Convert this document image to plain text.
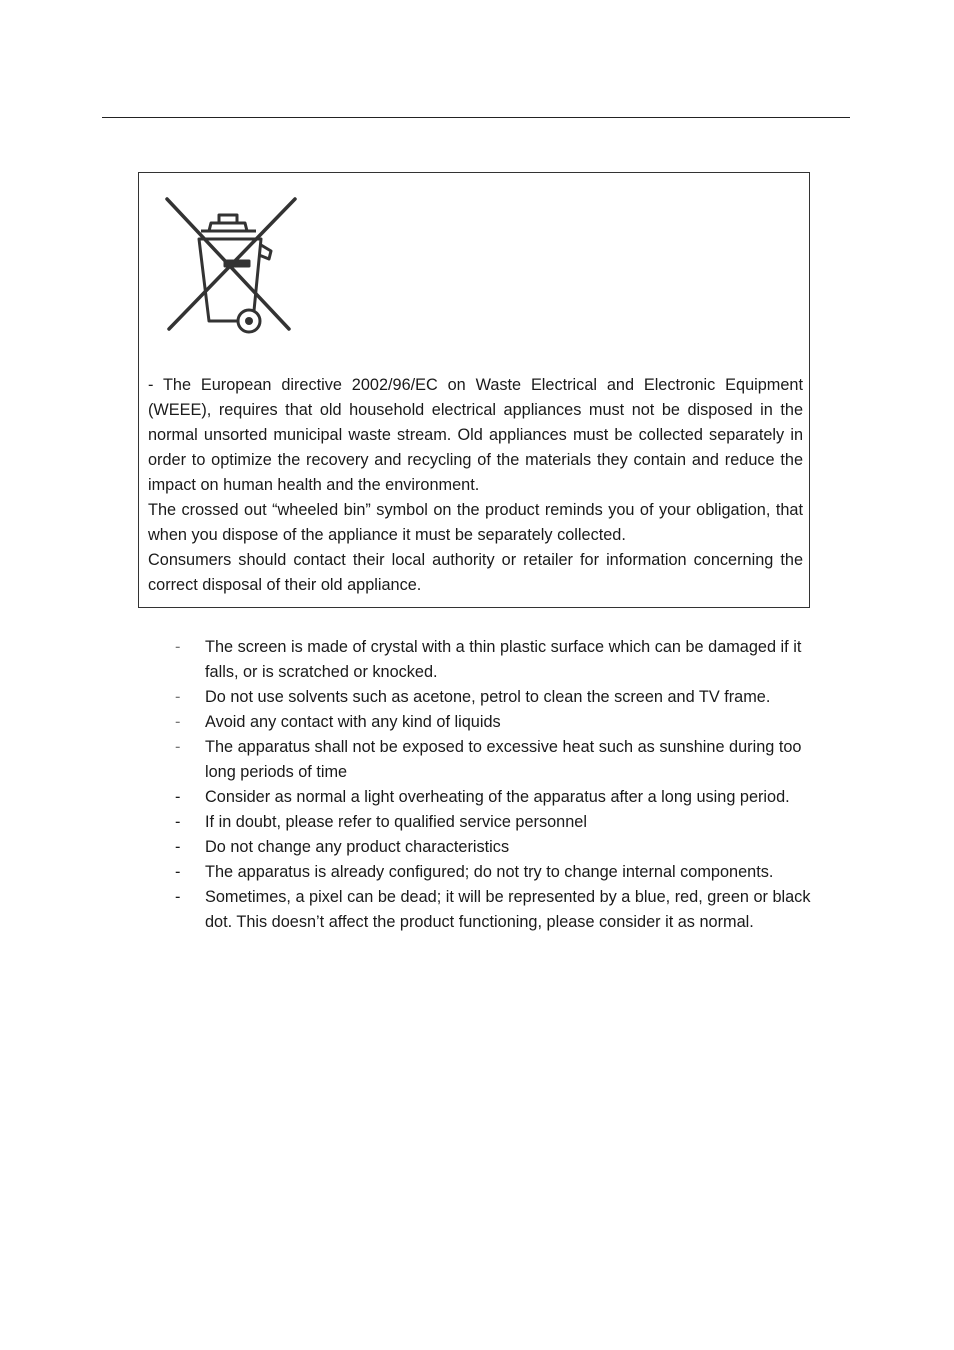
- The European directive 2002/96/EC on Waste Electrical and Electronic Equipment (WEEE), requires that old household electrical appliances must not be disposed in the normal unsorted municipal waste stream. Old appliances must be collected separately in order to optimize the recovery and recycling of the materials they contain and reduce the impact on human health and the environment.

The crossed out “wheeled bin” symbol on the product reminds you of your obligation, that when you dispose of the appliance it must be separately collected.

Consumers should contact their local authority or retailer for information concerning the correct disposal of their old appliance.

-	The screen is made of crystal with a thin plastic surface which can be damaged if it falls, or is scratched or knocked.
-	Do not use solvents such as acetone, petrol to clean the screen and TV frame.
-	Avoid any contact with any kind of liquids
-	The apparatus shall not be exposed to excessive heat such as sunshine during too long periods of time
-	Consider as normal a light overheating of the apparatus after a long using period.
-	If in doubt, please refer to qualified service personnel
-	Do not change any product characteristics
-	The apparatus is already configured; do not try to change internal components.
-	Sometimes, a pixel can be dead; it will be represented by a blue, red, green or black dot. This doesn’t affect the product functioning, please consider it as normal.
